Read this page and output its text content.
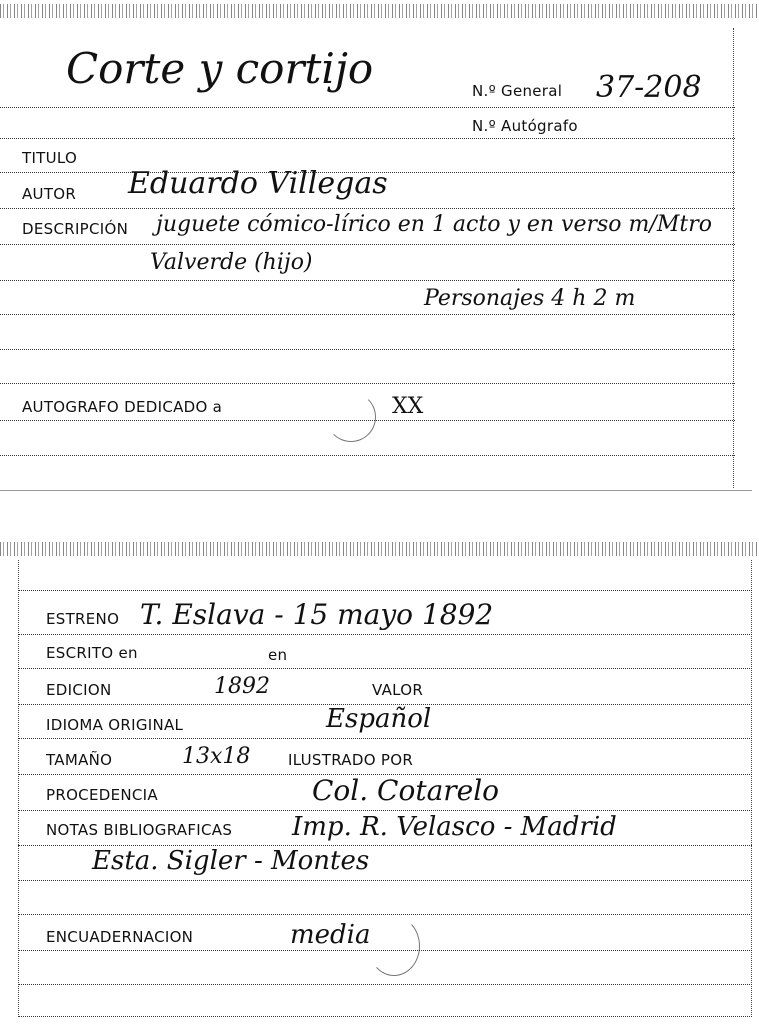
Corte y cortijo	N.º General 37-208
N.º Autógrafo
TITULO
AUTOR Eduardo Villegas
DESCRIPCIÓN juguete cómico-lírico en 1 acto y en verso m/Mtro
Valverde (hijo)
Personajes 4 h 2 m
AUTOGRAFO DEDICADO a	XX
ESTRENO T. Eslava - 15 mayo 1892
ESCRITO en	en
EDICION	1892	VALOR
IDIOMA ORIGINAL	Español
TAMAÑO	13x18	ILUSTRADO POR
PROCEDENCIA	Col. Cotarelo
NOTAS BIBLIOGRAFICAS Imp. R. Velasco - Madrid
Esta. Sigler - Montes
ENCUADERNACION	media
